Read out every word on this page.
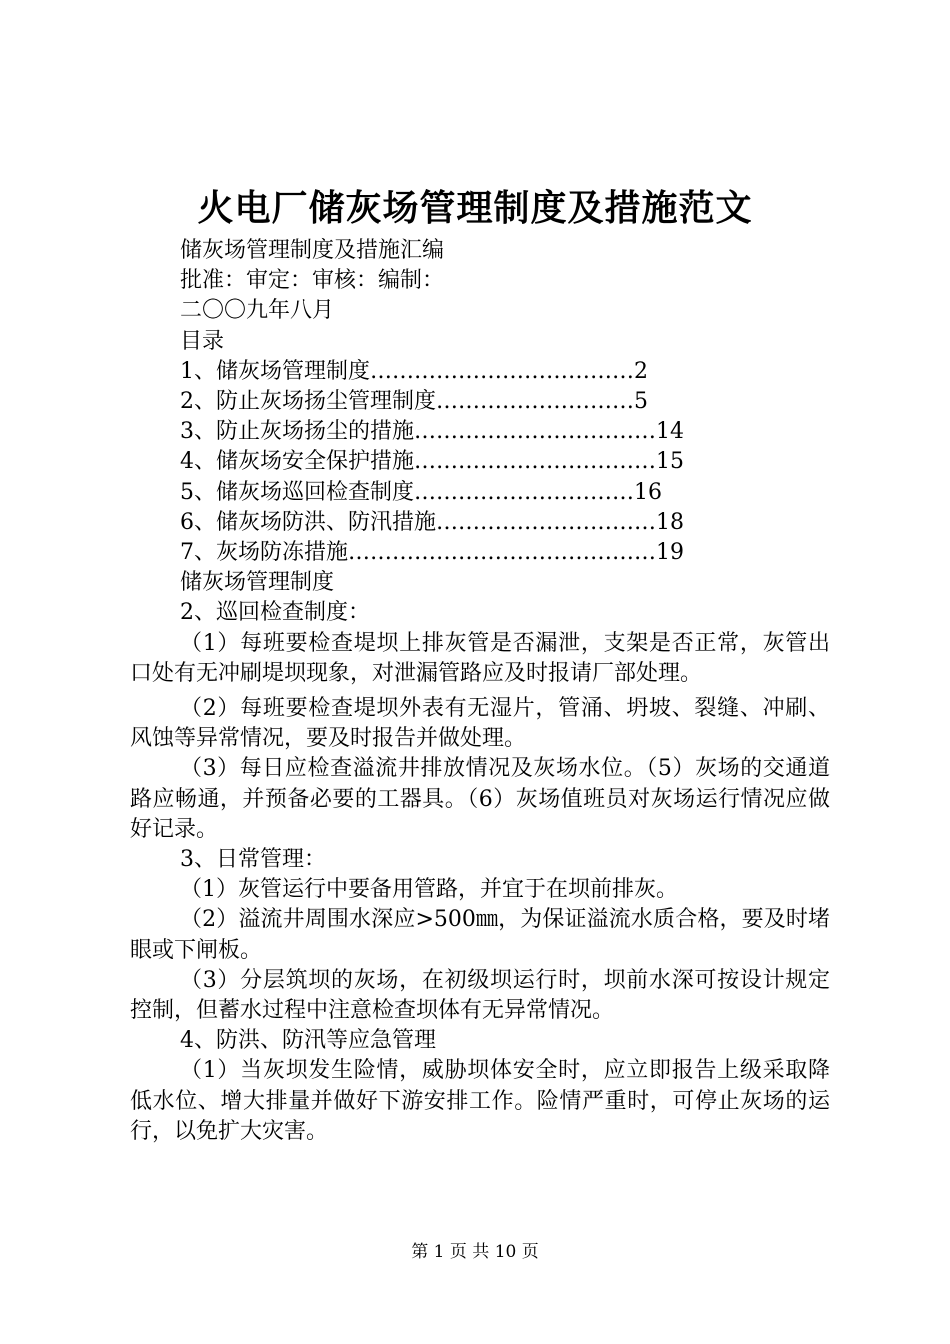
火电厂储灰场管理制度及措施范文
储灰场管理制度及措施汇编
批准：审定：审核：编制：
二〇〇九年八月
目录
1、储灰场管理制度………………………………2
2、防止灰场扬尘管理制度………………………5
3、防止灰场扬尘的措施……………………………14
4、储灰场安全保护措施……………………………15
5、储灰场巡回检查制度…………………………16
6、储灰场防洪、防汛措施…………………………18
7、灰场防冻措施……………………………………19
储灰场管理制度
2、巡回检查制度：

（1）每班要检查堤坝上排灰管是否漏泄，支架是否正常，灰管出口处有无冲刷堤坝现象，对泄漏管路应及时报请厂部处理。

（2）每班要检查堤坝外表有无湿片，管涌、坍坡、裂缝、冲刷、风蚀等异常情况，要及时报告并做处理。

（3）每日应检查溢流井排放情况及灰场水位。（5）灰场的交通道路应畅通，并预备必要的工器具。（6）灰场值班员对灰场运行情况应做好记录。

3、日常管理：

（1）灰管运行中要备用管路，并宜于在坝前排灰。

（2）溢流井周围水深应>500㎜，为保证溢流水质合格，要及时堵眼或下闸板。

（3）分层筑坝的灰场，在初级坝运行时，坝前水深可按设计规定控制，但蓄水过程中注意检查坝体有无异常情况。

4、防洪、防汛等应急管理

（1）当灰坝发生险情，威胁坝体安全时，应立即报告上级采取降低水位、增大排量并做好下游安排工作。险情严重时，可停止灰场的运行，以免扩大灾害。

第 1 页 共 10 页
